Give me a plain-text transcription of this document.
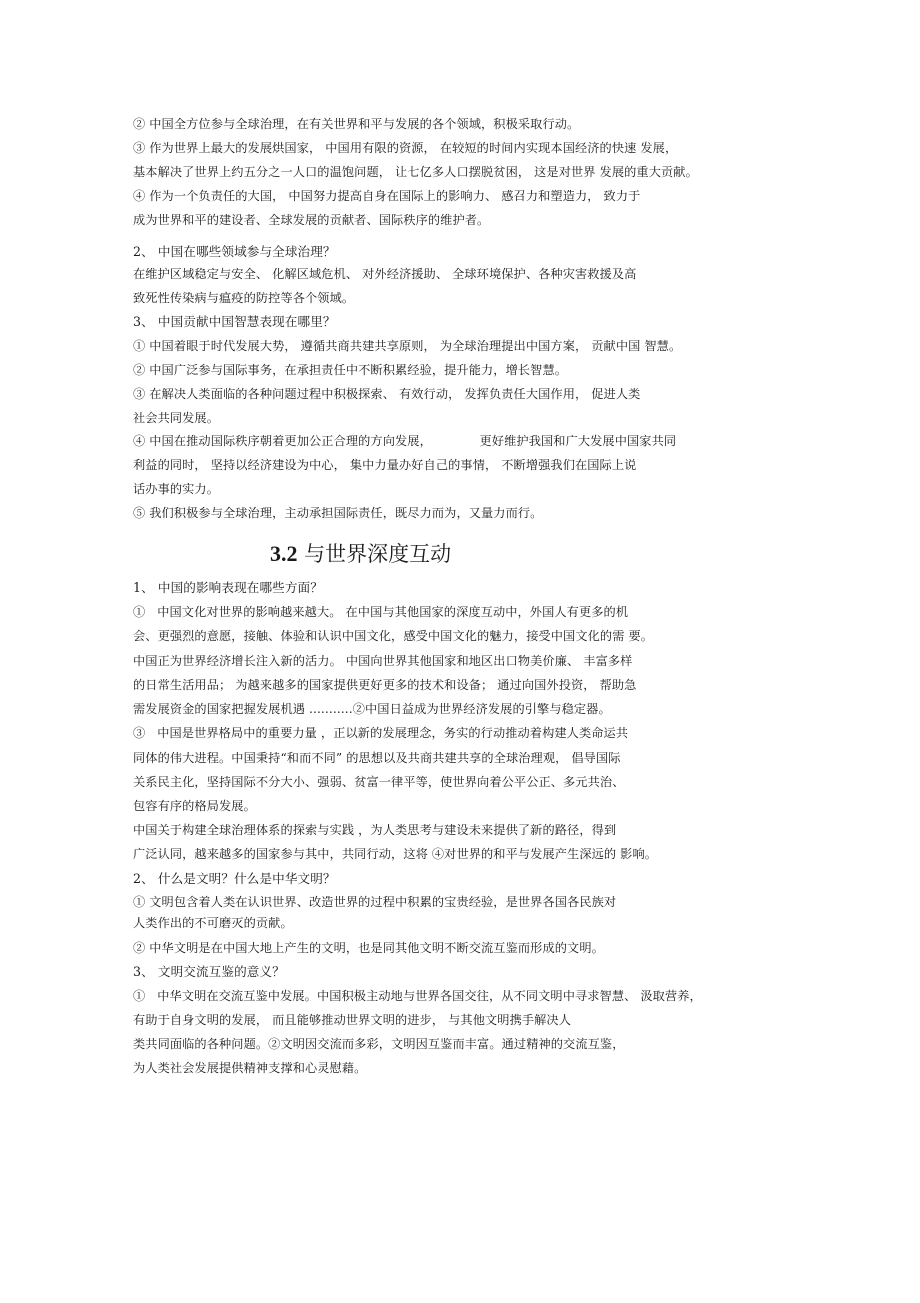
② 中国全方位参与全球治理，在有关世界和平与发展的各个领域，积极采取行动。
③ 作为世界上最大的发展烘国家， 中国用有限的资源， 在较短的时间内实现本国经济的快速 发展，
基本解决了世界上约五分之一人口的温饱问题， 让七亿多人口摆脱贫困， 这是对世界 发展的重大贡献。
④ 作为一个负责任的大国， 中国努力提高自身在国际上的影响力、 感召力和塑造力， 致力于
成为世界和平的建设者、全球发展的贡献者、国际秩序的维护者。
2、 中国在哪些领域参与全球治理？
在维护区域稳定与安全、 化解区域危机、 对外经济援助、 全球环境保护、各种灾害救援及高
致死性传染病与瘟疫的防控等各个领域。
3、 中国贡献中国智慧表现在哪里？
① 中国着眼于时代发展大势， 遵循共商共建共享原则， 为全球治理提出中国方案， 贡献中国 智慧。
② 中国广泛参与国际事务，在承担责任中不断积累经验，提升能力，增长智慧。
③ 在解决人类面临的各种问题过程中积极探索、 有效行动， 发挥负责任大国作用， 促进人类
社会共同发展。
④ 中国在推动国际秩序朝着更加公正合理的方向发展，            更好维护我国和广大发展中国家共同
利益的同时， 坚持以经济建设为中心， 集中力量办好自己的事情， 不断增强我们在国际上说
话办事的实力。
⑤ 我们积极参与全球治理，主动承担国际责任，既尽力而为，又量力而行。
3.2 与世界深度互动
1、 中国的影响表现在哪些方面？
①   中国文化对世界的影响越来越大。 在中国与其他国家的深度互动中，外国人有更多的机
会、更强烈的意愿，接触、体验和认识中国文化，感受中国文化的魅力，接受中国文化的需 要。
中国正为世界经济增长注入新的活力。 中国向世界其他国家和地区出口物美价廉、 丰富多样
的日常生活用品； 为越来越多的国家提供更好更多的技术和设备； 通过向国外投资， 帮助急
需发展资金的国家把握发展机遇 ...........②中国日益成为世界经济发展的引擎与稳定器。
③   中国是世界格局中的重要力量 ，正以新的发展理念，务实的行动推动着构建人类命运共
同体的伟大进程。中国秉持“和而不同” 的思想以及共商共建共享的全球治理观， 倡导国际
关系民主化，坚持国际不分大小、强弱、贫富一律平等，使世界向着公平公正、多元共治、
包容有序的格局发展。
中国关于构建全球治理体系的探索与实践 ，为人类思考与建设未来提供了新的路径，得到
广泛认同，越来越多的国家参与其中，共同行动，这将 ④对世界的和平与发展产生深远的 影响。
2、 什么是文明？什么是中华文明？
① 文明包含着人类在认识世界、改造世界的过程中积累的宝贵经验，是世界各国各民族对
人类作出的不可磨灭的贡献。
② 中华文明是在中国大地上产生的文明，也是同其他文明不断交流互鉴而形成的文明。
3、 文明交流互鉴的意义？
①   中华文明在交流互鉴中发展。中国积极主动地与世界各国交往，从不同文明中寻求智慧、 汲取营养，
有助于自身文明的发展， 而且能够推动世界文明的进步， 与其他文明携手解决人
类共同面临的各种问题。②文明因交流而多彩，文明因互鉴而丰富。通过精神的交流互鉴，
为人类社会发展提供精神支撑和心灵慰藉。
